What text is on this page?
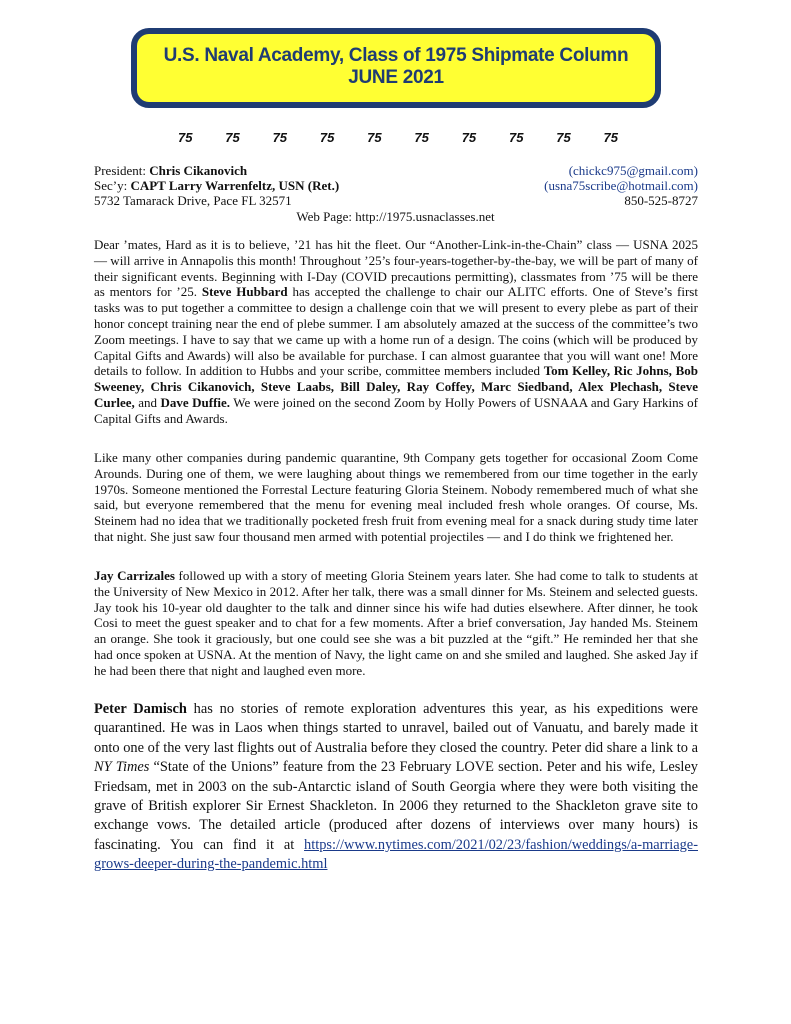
U.S. Naval Academy, Class of 1975 Shipmate Column
JUNE 2021
75	75	75	75	75	75	75	75	75	75
President: Chris Cikanovich	(chickc975@gmail.com)
Sec’y: CAPT Larry Warrenfeltz, USN (Ret.)	(usna75scribe@hotmail.com)
5732 Tamarack Drive, Pace FL 32571	850-525-8727
Web Page: http://1975.usnaclasses.net
Dear ’mates, Hard as it is to believe, ’21 has hit the fleet. Our “Another-Link-in-the-Chain” class — USNA 2025 — will arrive in Annapolis this month! Throughout ’25’s four-years-together-by-the-bay, we will be part of many of their significant events. Beginning with I-Day (COVID precautions permitting), classmates from ’75 will be there as mentors for ’25. Steve Hubbard has accepted the challenge to chair our ALITC efforts. One of Steve’s first tasks was to put together a committee to design a challenge coin that we will present to every plebe as part of their honor concept training near the end of plebe summer. I am absolutely amazed at the success of the committee’s two Zoom meetings. I have to say that we came up with a home run of a design. The coins (which will be produced by Capital Gifts and Awards) will also be available for purchase. I can almost guarantee that you will want one! More details to follow. In addition to Hubbs and your scribe, committee members included Tom Kelley, Ric Johns, Bob Sweeney, Chris Cikanovich, Steve Laabs, Bill Daley, Ray Coffey, Marc Siedband, Alex Plechash, Steve Curlee, and Dave Duffie. We were joined on the second Zoom by Holly Powers of USNAAA and Gary Harkins of Capital Gifts and Awards.
Like many other companies during pandemic quarantine, 9th Company gets together for occasional Zoom Come Arounds. During one of them, we were laughing about things we remembered from our time together in the early 1970s. Someone mentioned the Forrestal Lecture featuring Gloria Steinem. Nobody remembered much of what she said, but everyone remembered that the menu for evening meal included fresh whole oranges. Of course, Ms. Steinem had no idea that we traditionally pocketed fresh fruit from evening meal for a snack during study time later that night. She just saw four thousand men armed with potential projectiles — and I do think we frightened her.
Jay Carrizales followed up with a story of meeting Gloria Steinem years later. She had come to talk to students at the University of New Mexico in 2012. After her talk, there was a small dinner for Ms. Steinem and selected guests. Jay took his 10-year old daughter to the talk and dinner since his wife had duties elsewhere. After dinner, he took Cosi to meet the guest speaker and to chat for a few moments. After a brief conversation, Jay handed Ms. Steinem an orange. She took it graciously, but one could see she was a bit puzzled at the “gift.” He reminded her that she had once spoken at USNA. At the mention of Navy, the light came on and she smiled and laughed. She asked Jay if he had been there that night and laughed even more.
Peter Damisch has no stories of remote exploration adventures this year, as his expeditions were quarantined. He was in Laos when things started to unravel, bailed out of Vanuatu, and barely made it onto one of the very last flights out of Australia before they closed the country. Peter did share a link to a NY Times “State of the Unions” feature from the 23 February LOVE section. Peter and his wife, Lesley Friedsam, met in 2003 on the sub-Antarctic island of South Georgia where they were both visiting the grave of British explorer Sir Ernest Shackleton. In 2006 they returned to the Shackleton grave site to exchange vows. The detailed article (produced after dozens of interviews over many hours) is fascinating. You can find it at https://www.nytimes.com/2021/02/23/fashion/weddings/a-marriage-grows-deeper-during-the-pandemic.html
